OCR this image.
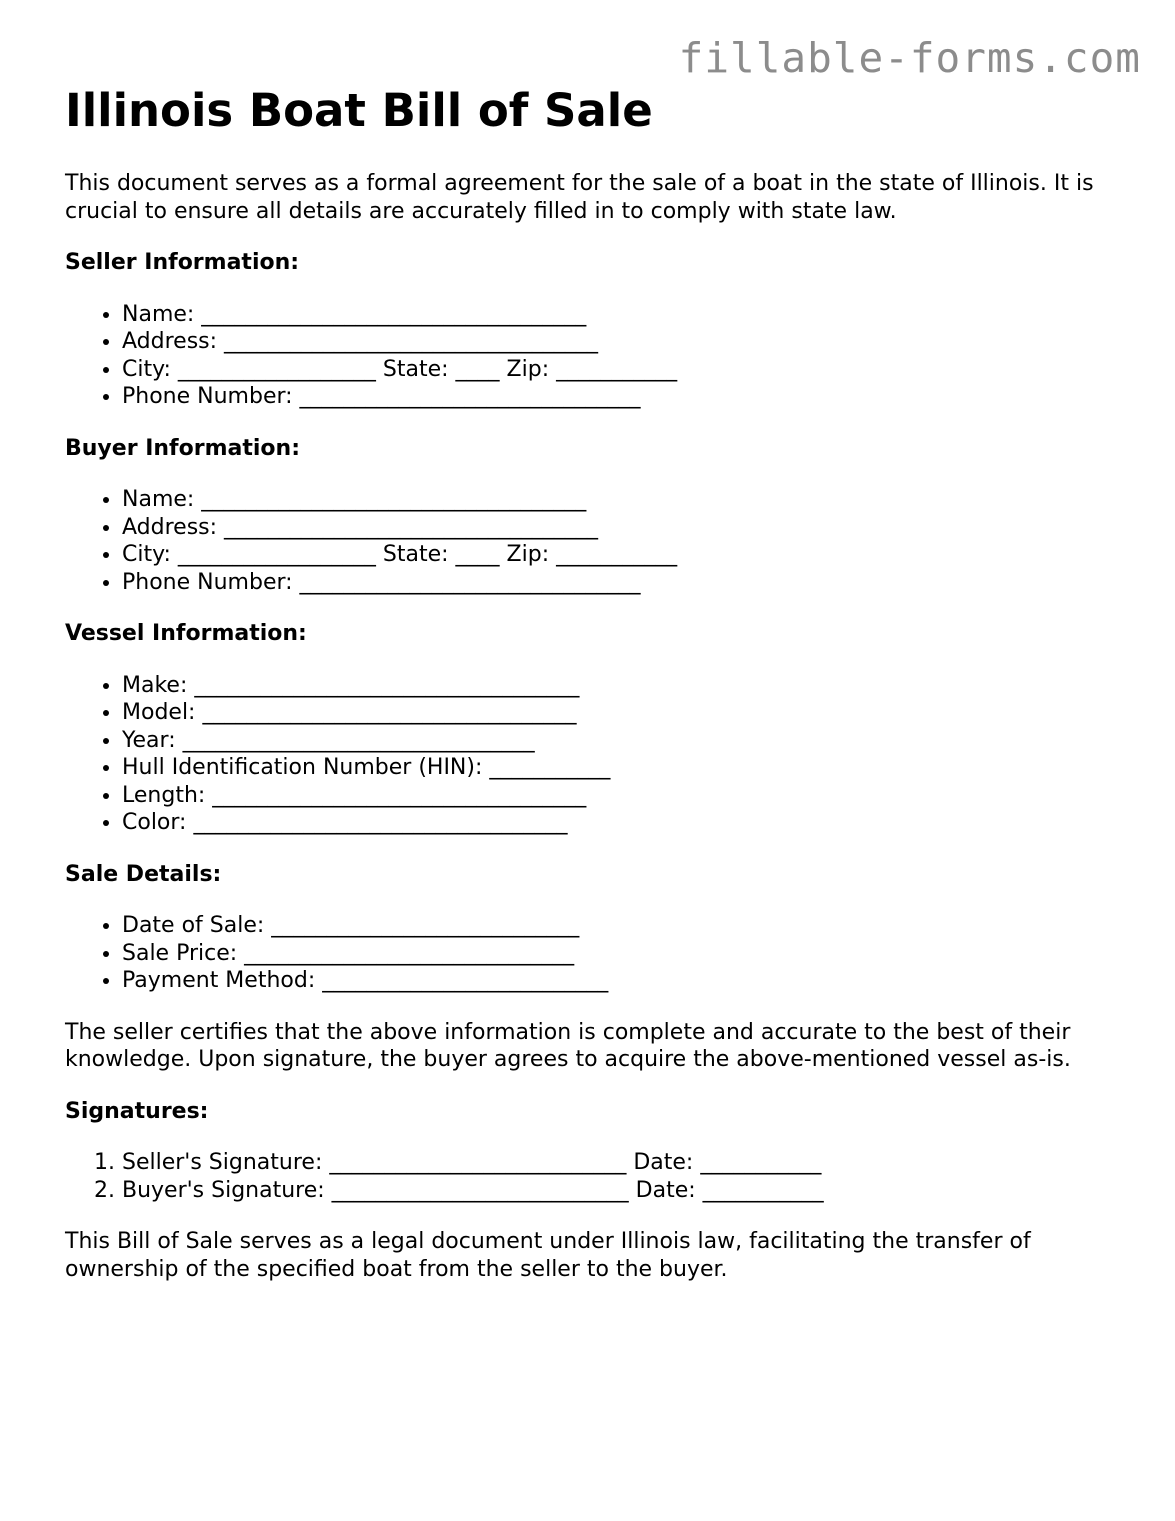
fillable-forms.com
Illinois Boat Bill of Sale

This document serves as a formal agreement for the sale of a boat in the state of Illinois. It is crucial to ensure all details are accurately filled in to comply with state law.

Seller Information:
• Name: ___________________________________
• Address: __________________________________
• City: __________________ State: ____ Zip: ___________
• Phone Number: _______________________________
Buyer Information:
• Name: ___________________________________
• Address: __________________________________
• City: __________________ State: ____ Zip: ___________
• Phone Number: _______________________________
Vessel Information:
• Make: ___________________________________
• Model: __________________________________
• Year: ________________________________
• Hull Identification Number (HIN): ___________
• Length: __________________________________
• Color: __________________________________
Sale Details:
• Date of Sale: ____________________________
• Sale Price: ______________________________
• Payment Method: __________________________

The seller certifies that the above information is complete and accurate to the best of their knowledge. Upon signature, the buyer agrees to acquire the above-mentioned vessel as-is.

Signatures:
1. Seller's Signature: ___________________________ Date: ___________
2. Buyer's Signature: ___________________________ Date: ___________

This Bill of Sale serves as a legal document under Illinois law, facilitating the transfer of ownership of the specified boat from the seller to the buyer.
